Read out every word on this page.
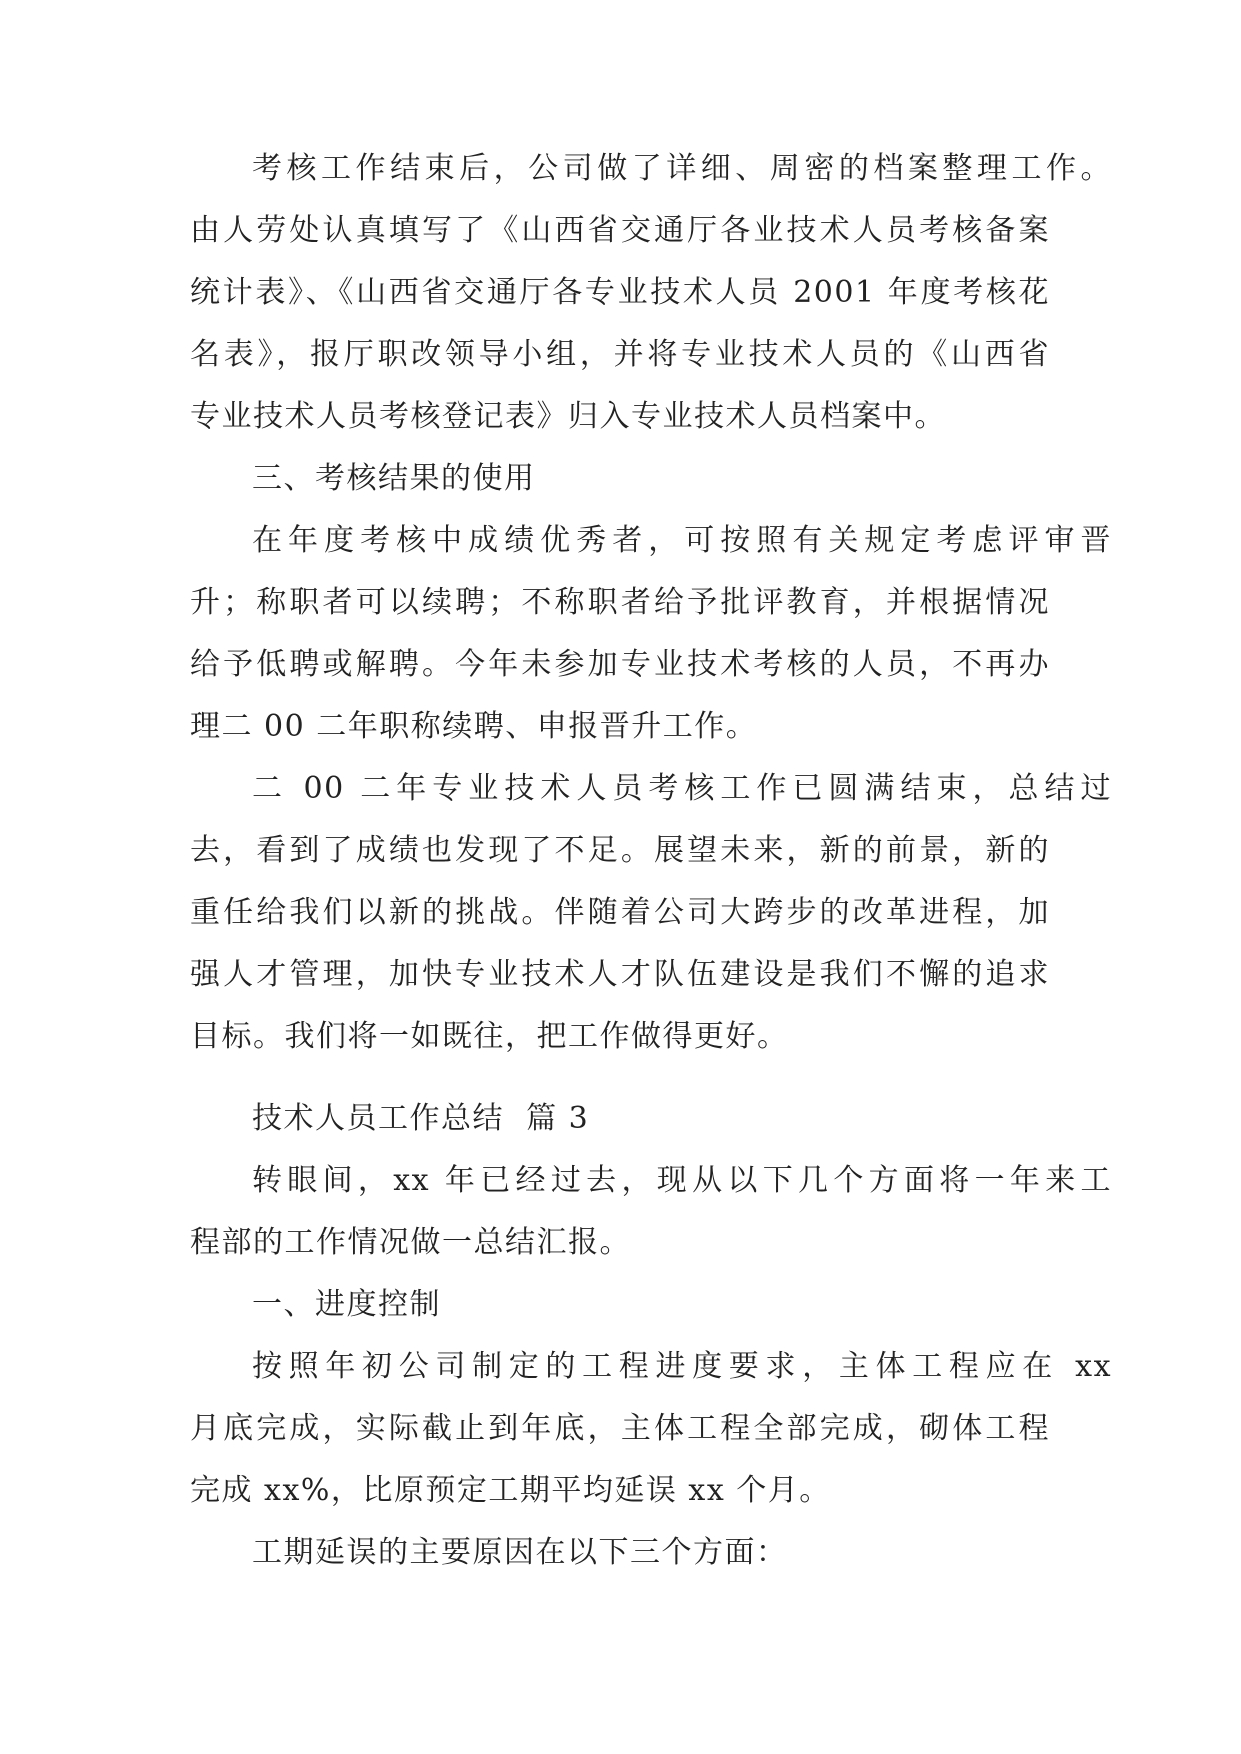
考核工作结束后，公司做了详细、周密的档案整理工作。
由人劳处认真填写了《山西省交通厅各业技术人员考核备案
统计表》、《山西省交通厅各专业技术人员 2001 年度考核花
名表》，报厅职改领导小组，并将专业技术人员的《山西省
专业技术人员考核登记表》归入专业技术人员档案中。
三、考核结果的使用
在年度考核中成绩优秀者，可按照有关规定考虑评审晋
升；称职者可以续聘；不称职者给予批评教育，并根据情况
给予低聘或解聘。今年未参加专业技术考核的人员，不再办
理二 00 二年职称续聘、申报晋升工作。
二 00 二年专业技术人员考核工作已圆满结束，总结过
去，看到了成绩也发现了不足。展望未来，新的前景，新的
重任给我们以新的挑战。伴随着公司大跨步的改革进程，加
强人才管理，加快专业技术人才队伍建设是我们不懈的追求
目标。我们将一如既往，把工作做得更好。
技术人员工作总结  篇 3
转眼间，xx 年已经过去，现从以下几个方面将一年来工
程部的工作情况做一总结汇报。
一、进度控制
按照年初公司制定的工程进度要求，主体工程应在 xx
月底完成，实际截止到年底，主体工程全部完成，砌体工程
完成 xx%，比原预定工期平均延误 xx 个月。
工期延误的主要原因在以下三个方面：
